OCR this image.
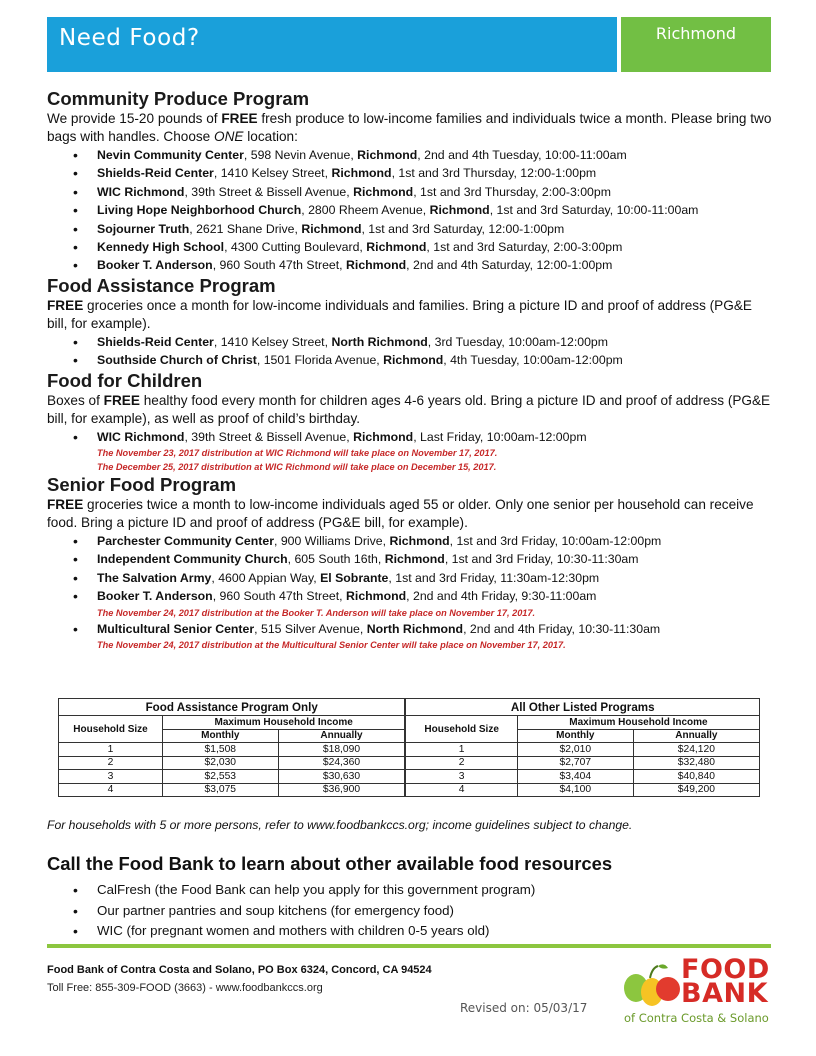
Need Food?	Richmond
Community Produce Program

We provide 15-20 pounds of FREE fresh produce to low-income families and individuals twice a month. Please bring two bags with handles. Choose ONE location:

• Nevin Community Center, 598 Nevin Avenue, Richmond, 2nd and 4th Tuesday, 10:00-11:00am
• Shields-Reid Center, 1410 Kelsey Street, Richmond, 1st and 3rd Thursday, 12:00-1:00pm
• WIC Richmond, 39th Street & Bissell Avenue, Richmond, 1st and 3rd Thursday, 2:00-3:00pm
• Living Hope Neighborhood Church, 2800 Rheem Avenue, Richmond, 1st and 3rd Saturday, 10:00-11:00am
• Sojourner Truth, 2621 Shane Drive, Richmond, 1st and 3rd Saturday, 12:00-1:00pm
• Kennedy High School, 4300 Cutting Boulevard, Richmond, 1st and 3rd Saturday, 2:00-3:00pm
• Booker T. Anderson, 960 South 47th Street, Richmond, 2nd and 4th Saturday, 12:00-1:00pm
Food Assistance Program

FREE groceries once a month for low-income individuals and families. Bring a picture ID and proof of address (PG&E bill, for example).

• Shields-Reid Center, 1410 Kelsey Street, North Richmond, 3rd Tuesday, 10:00am-12:00pm
• Southside Church of Christ, 1501 Florida Avenue, Richmond, 4th Tuesday, 10:00am-12:00pm
Food for Children

Boxes of FREE healthy food every month for children ages 4-6 years old. Bring a picture ID and proof of address (PG&E bill, for example), as well as proof of child’s birthday.

• WIC Richmond, 39th Street & Bissell Avenue, Richmond, Last Friday, 10:00am-12:00pm
The November 23, 2017 distribution at WIC Richmond will take place on November 17, 2017.
The December 25, 2017 distribution at WIC Richmond will take place on December 15, 2017.
Senior Food Program

FREE groceries twice a month to low-income individuals aged 55 or older. Only one senior per household can receive food. Bring a picture ID and proof of address (PG&E bill, for example).

• Parchester Community Center, 900 Williams Drive, Richmond, 1st and 3rd Friday, 10:00am-12:00pm
• Independent Community Church, 605 South 16th, Richmond, 1st and 3rd Friday, 10:30-11:30am
• The Salvation Army, 4600 Appian Way, El Sobrante, 1st and 3rd Friday, 11:30am-12:30pm
• Booker T. Anderson, 960 South 47th Street, Richmond, 2nd and 4th Friday, 9:30-11:00am
The November 24, 2017 distribution at the Booker T. Anderson will take place on November 17, 2017.
• Multicultural Senior Center, 515 Silver Avenue, North Richmond, 2nd and 4th Friday, 10:30-11:30am
The November 24, 2017 distribution at the Multicultural Senior Center will take place on November 17, 2017.
Food Assistance Program Only			All Other Listed Programs		
Household Size	Maximum Household Income		Household Size	Maximum Household Income	
	Monthly	Annually		Monthly	Annually
1	$1,508	$18,090	1	$2,010	$24,120
2	$2,030	$24,360	2	$2,707	$32,480
3	$2,553	$30,630	3	$3,404	$40,840
4	$3,075	$36,900	4	$4,100	$49,200
For households with 5 or more persons, refer to www.foodbankccs.org; income guidelines subject to change.
Call the Food Bank to learn about other available food resources
• CalFresh (the Food Bank can help you apply for this government program)
• Our partner pantries and soup kitchens (for emergency food)
• WIC (for pregnant women and mothers with children 0-5 years old)
Food Bank of Contra Costa and Solano, PO Box 6324, Concord, CA 94524
Toll Free: 855-309-FOOD (3663) - www.foodbankccs.org
Revised on: 05/03/17
FOOD
BANK
of Contra Costa & Solano
